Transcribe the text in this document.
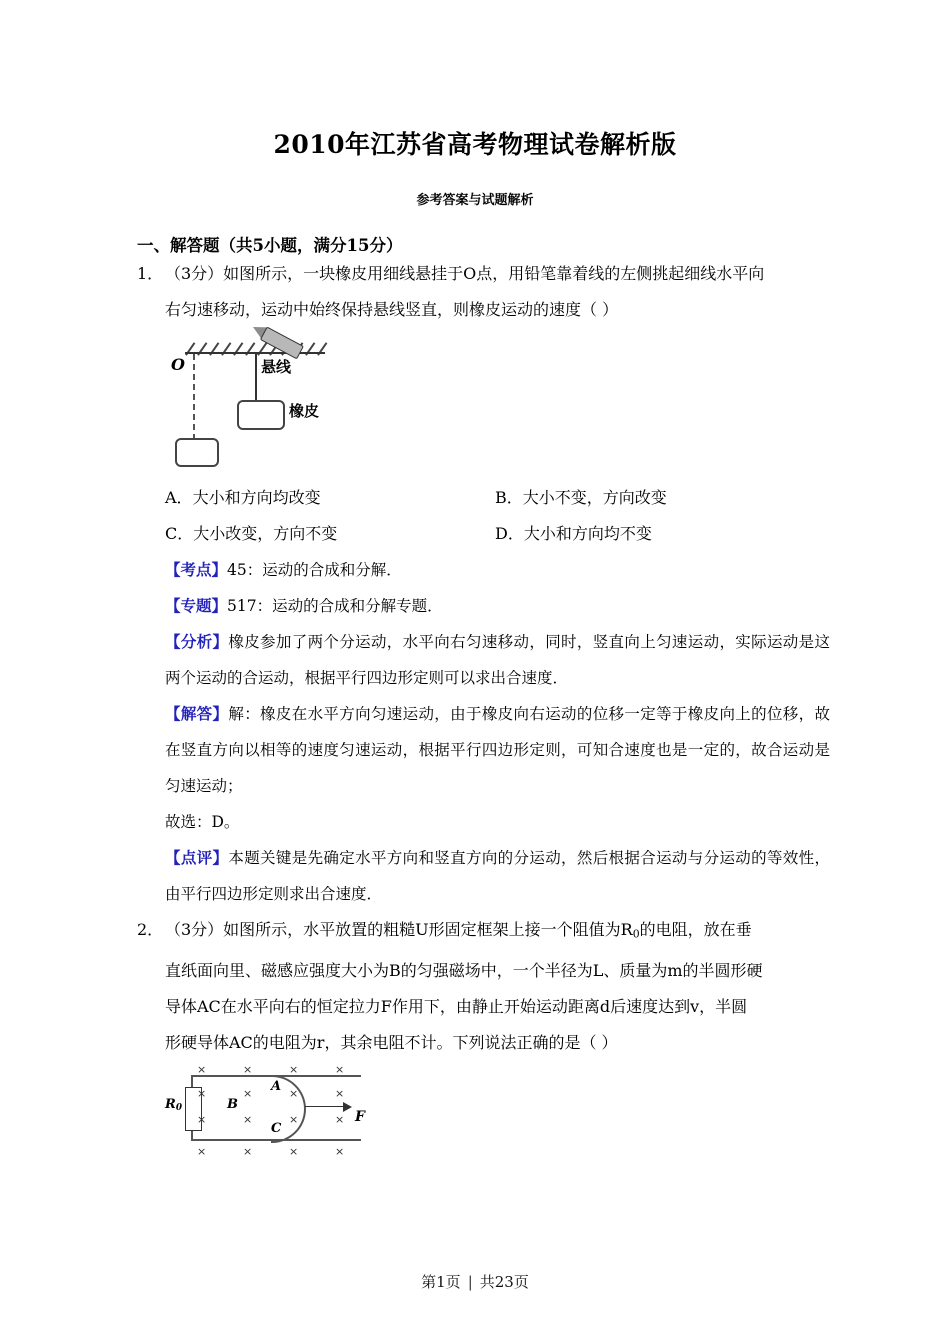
2010年江苏省高考物理试卷解析版
参考答案与试题解析
一、解答题（共5小题，满分15分）
1． （3分）如图所示，一块橡皮用细线悬挂于O点，用铅笔靠着线的左侧挑起细线水平向
右匀速移动，运动中始终保持悬线竖直，则橡皮运动的速度（ ）
O	悬线
橡皮
A．大小和方向均改变	B．大小不变，方向改变
C．大小改变，方向不变	D．大小和方向均不变
【考点】45：运动的合成和分解．
【专题】517：运动的合成和分解专题．
【分析】橡皮参加了两个分运动，水平向右匀速移动，同时，竖直向上匀速运动，实际运动是这两个运动的合运动，根据平行四边形定则可以求出合速度．
【解答】解：橡皮在水平方向匀速运动，由于橡皮向右运动的位移一定等于橡皮向上的位移，故在竖直方向以相等的速度匀速运动，根据平行四边形定则，可知合速度也是一定的，故合运动是匀速运动；
故选：D。
【点评】本题关键是先确定水平方向和竖直方向的分运动，然后根据合运动与分运动的等效性，由平行四边形定则求出合速度．
2． （3分）如图所示，水平放置的粗糙U形固定框架上接一个阻值为$R_0$的电阻，放在垂
直纸面向里、磁感应强度大小为B的匀强磁场中，一个半径为L、质量为m的半圆形硬
导体AC在水平向右的恒定拉力F作用下，由静止开始运动距离d后速度达到v，半圆
形硬导体AC的电阻为r，其余电阻不计。下列说法正确的是（ ）
$R_0$
F
A
B
C
×	×	×	×
×	×	×	×
×	×	×	×
×	×	×	×
第1页 | 共23页
